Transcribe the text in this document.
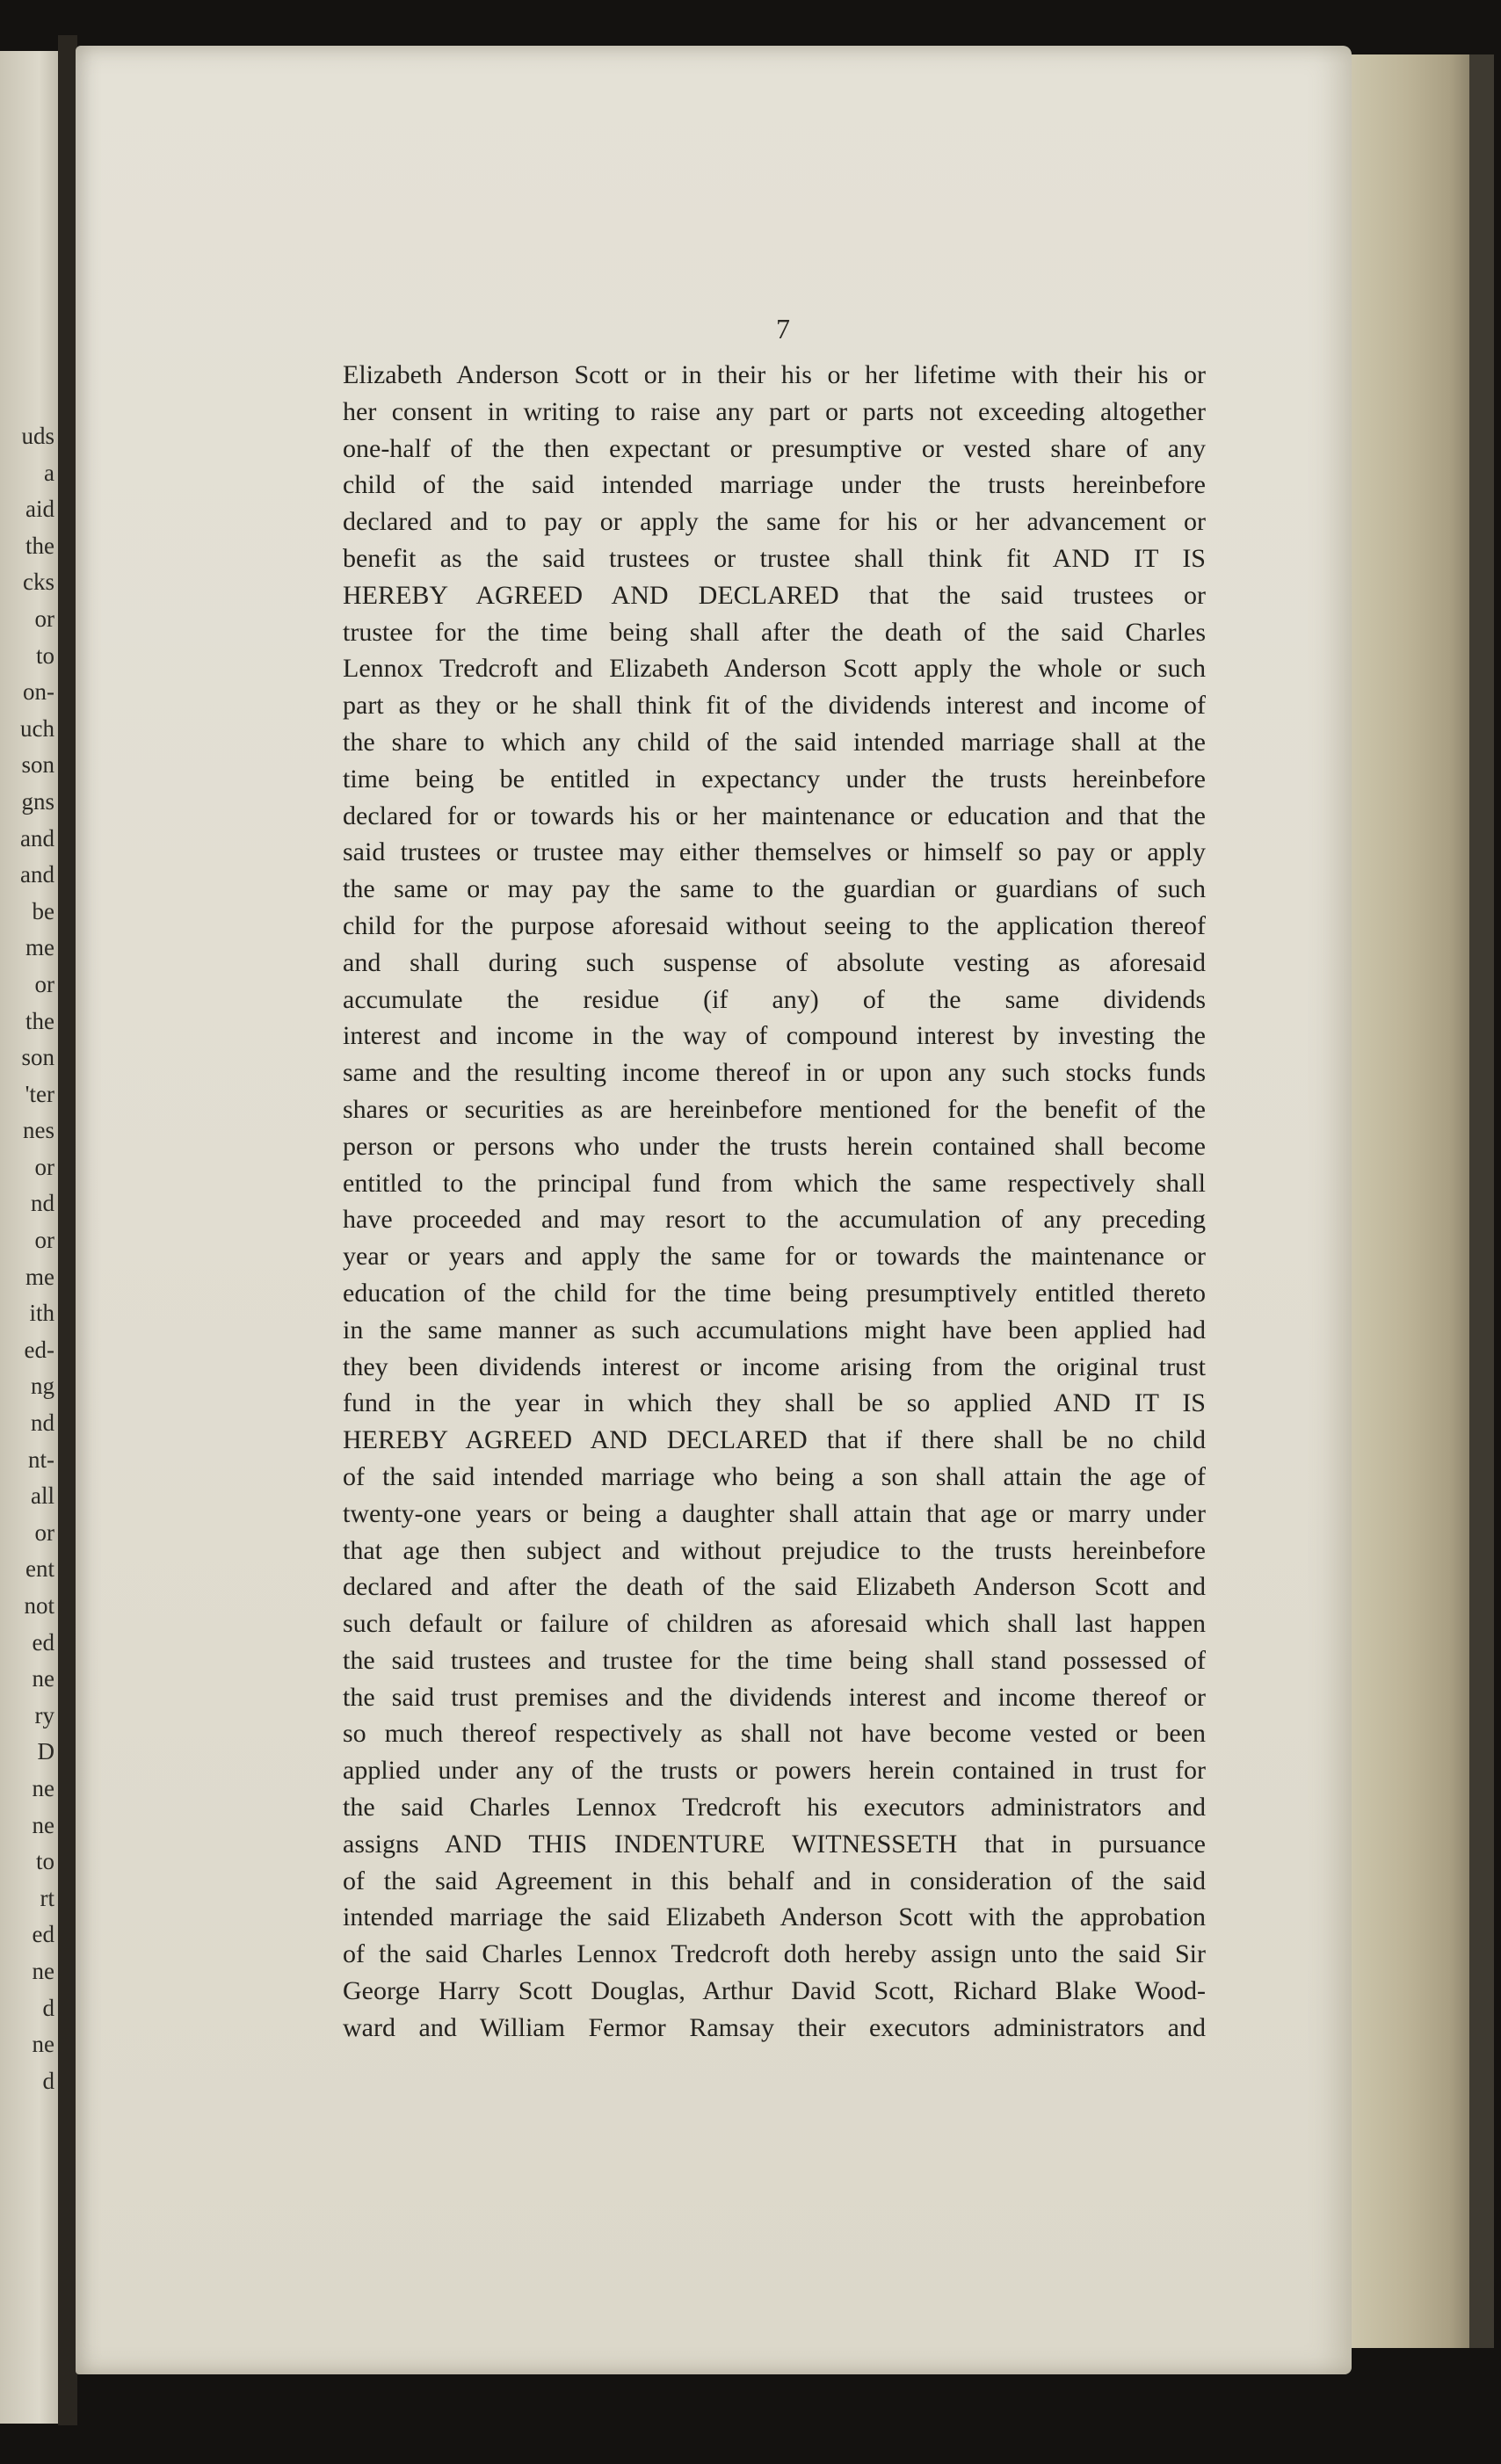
uds
a
aid
the
cks
or
to
on-
uch
son
gns
and
and
be
me
or
the
son
'ter
nes
or
nd
or
me
ith
ed-
ng
nd
nt-
all
or
ent
not
ed
ne
ry
D
ne
ne
to
rt
ed
ne
d
ne
d
7
Elizabeth Anderson Scott or in their his or her lifetime with their his or
her consent in writing to raise any part or parts not exceeding altogether
one-half of the then expectant or presumptive or vested share of any
child of the said intended marriage under the trusts hereinbefore
declared and to pay or apply the same for his or her advancement or
benefit as the said trustees or trustee shall think fit AND IT IS
HEREBY AGREED AND DECLARED that the said trustees or
trustee for the time being shall after the death of the said Charles
Lennox Tredcroft and Elizabeth Anderson Scott apply the whole or such
part as they or he shall think fit of the dividends interest and income of
the share to which any child of the said intended marriage shall at the
time being be entitled in expectancy under the trusts hereinbefore
declared for or towards his or her maintenance or education and that the
said trustees or trustee may either themselves or himself so pay or apply
the same or may pay the same to the guardian or guardians of such
child for the purpose aforesaid without seeing to the application thereof
and shall during such suspense of absolute vesting as aforesaid
accumulate the residue (if any) of the same dividends
interest and income in the way of compound interest by investing the
same and the resulting income thereof in or upon any such stocks funds
shares or securities as are hereinbefore mentioned for the benefit of the
person or persons who under the trusts herein contained shall become
entitled to the principal fund from which the same respectively shall
have proceeded and may resort to the accumulation of any preceding
year or years and apply the same for or towards the maintenance or
education of the child for the time being presumptively entitled thereto
in the same manner as such accumulations might have been applied had
they been dividends interest or income arising from the original trust
fund in the year in which they shall be so applied AND IT IS
HEREBY AGREED AND DECLARED that if there shall be no child
of the said intended marriage who being a son shall attain the age of
twenty-one years or being a daughter shall attain that age or marry under
that age then subject and without prejudice to the trusts hereinbefore
declared and after the death of the said Elizabeth Anderson Scott and
such default or failure of children as aforesaid which shall last happen
the said trustees and trustee for the time being shall stand possessed of
the said trust premises and the dividends interest and income thereof or
so much thereof respectively as shall not have become vested or been
applied under any of the trusts or powers herein contained in trust for
the said Charles Lennox Tredcroft his executors administrators and
assigns AND THIS INDENTURE WITNESSETH that in pursuance
of the said Agreement in this behalf and in consideration of the said
intended marriage the said Elizabeth Anderson Scott with the approbation
of the said Charles Lennox Tredcroft doth hereby assign unto the said Sir
George Harry Scott Douglas, Arthur David Scott, Richard Blake Wood-
ward and William Fermor Ramsay their executors administrators and
